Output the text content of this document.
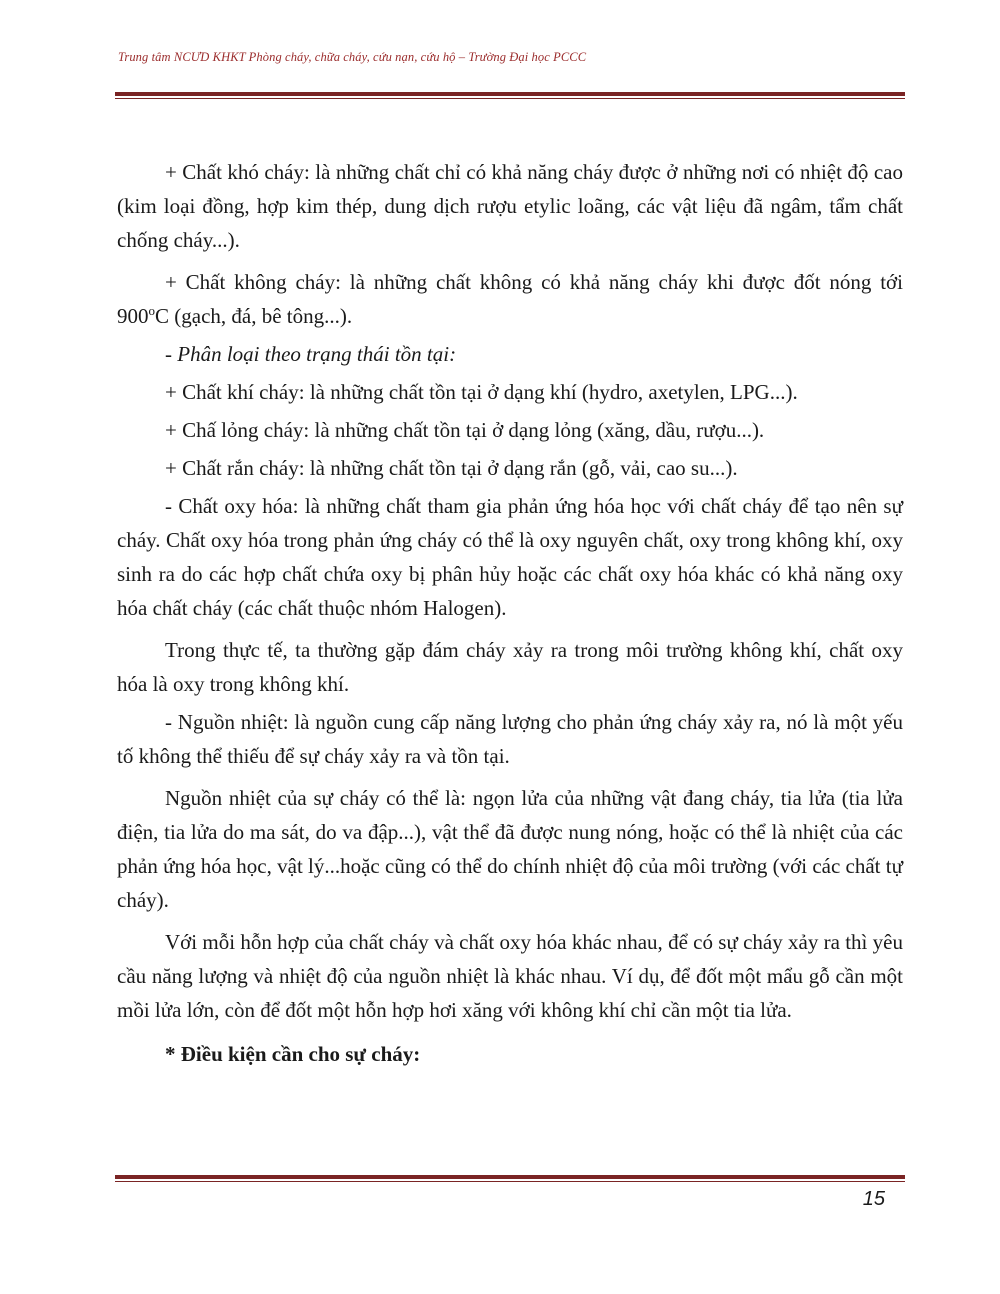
Trung tâm NCƯD KHKT Phòng cháy, chữa cháy, cứu nạn, cứu hộ – Trường Đại học PCCC

+ Chất khó cháy: là những chất chỉ có khả năng cháy được ở những nơi có nhiệt độ cao (kim loại đồng, hợp kim thép, dung dịch rượu etylic loãng, các vật liệu đã ngâm, tẩm chất chống cháy...).

+ Chất không cháy: là những chất không có khả năng cháy khi được đốt nóng tới 900$^o$C (gạch, đá, bê tông...).

- Phân loại theo trạng thái tồn tại:

+ Chất khí cháy: là những chất tồn tại ở dạng khí (hydro, axetylen, LPG...).

+ Chấ lỏng cháy: là những chất tồn tại ở dạng lỏng (xăng, dầu, rượu...).

+ Chất rắn cháy: là những chất tồn tại ở dạng rắn (gỗ, vải, cao su...).

- Chất oxy hóa: là những chất tham gia phản ứng hóa học với chất cháy để tạo nên sự cháy. Chất oxy hóa trong phản ứng cháy có thể là oxy nguyên chất, oxy trong không khí, oxy sinh ra do các hợp chất chứa oxy bị phân hủy hoặc các chất oxy hóa khác có khả năng oxy hóa chất cháy (các chất thuộc nhóm Halogen).

Trong thực tế, ta thường gặp đám cháy xảy ra trong môi trường không khí, chất oxy hóa là oxy trong không khí.

- Nguồn nhiệt: là nguồn cung cấp năng lượng cho phản ứng cháy xảy ra, nó là một yếu tố không thể thiếu để sự cháy xảy ra và tồn tại.

Nguồn nhiệt của sự cháy có thể là: ngọn lửa của những vật đang cháy, tia lửa (tia lửa điện, tia lửa do ma sát, do va đập...), vật thể đã được nung nóng, hoặc có thể là nhiệt của các phản ứng hóa học, vật lý...hoặc cũng có thể do chính nhiệt độ của môi trường (với các chất tự cháy).

Với mỗi hỗn hợp của chất cháy và chất oxy hóa khác nhau, để có sự cháy xảy ra thì yêu cầu năng lượng và nhiệt độ của nguồn nhiệt là khác nhau. Ví dụ, để đốt một mẩu gỗ cần một mồi lửa lớn, còn để đốt một hỗn hợp hơi xăng với không khí chỉ cần một tia lửa.

* Điều kiện cần cho sự cháy:

15
